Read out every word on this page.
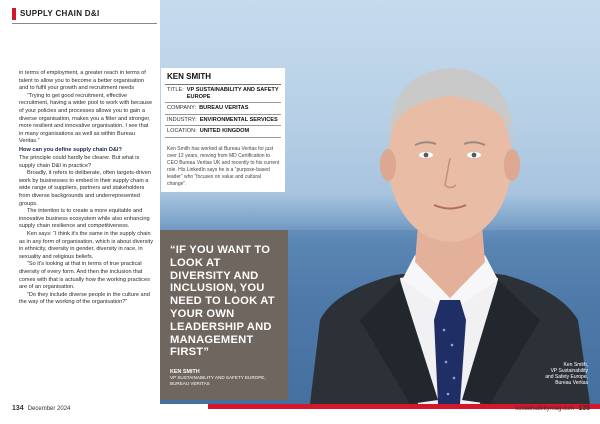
SUPPLY CHAIN D&I

in terms of employment, a greater reach in terms of talent to allow you to become a better organisation and to fulfil your growth and recruitment needs

“Trying to get good recruitment, effective recruitment, having a wider pool to work with because of your policies and processes allows you to gain a diverse organisation, makes you a fitter and stronger, more resilient and innovative organisation. I see that in many organisations as well as within Bureau Veritas.”

How can you define supply chain D&I?

The principle could hardly be clearer. But what is supply chain D&I in practice?

Broadly, it refers to deliberate, often targets-driven work by businesses to embed in their supply chain a wide range of suppliers, partners and stakeholders from diverse backgrounds and underrepresented groups.

The intention is to create a more equitable and innovative business ecosystem while also enhancing supply chain resilience and competitiveness.

Ken says: “I think it’s the same in the supply chain as in any form of organisation, which is about diversity in ethnicity, diversity in gender, diversity in race, in sexuality and religious beliefs.

“So it’s looking at that in terms of true practical diversity of every form. And then the inclusion that comes with that is actually how the working practices are of an organisation.

“Do they include diverse people in the culture and the way of the working of the organisation?”

134 December 2024
Ken Smith,
VP Sustainability
and Safety Europe,
Bureau Veritas
KEN SMITH
TITLE: VP SUSTAINABILITY AND SAFETY EUROPE
COMPANY: BUREAU VERITAS
INDUSTRY: ENVIRONMENTAL SERVICES
LOCATION: UNITED KINGDOM
Ken Smith has worked at Bureau Veritas for just over 12 years, moving from MD Certification to CEO Bureau Veritas UK and recently to his current role. His LinkedIn says he is a “purpose-based leader” who “focuses on value and cultural change”.
“IF YOU WANT TO LOOK AT DIVERSITY AND INCLUSION, YOU NEED TO LOOK AT YOUR OWN LEADERSHIP AND MANAGEMENT FIRST”
KEN SMITH
VP SUSTAINABILITY AND SAFETY EUROPE, BUREAU VERITAS
sustainabilitymag.com 135
